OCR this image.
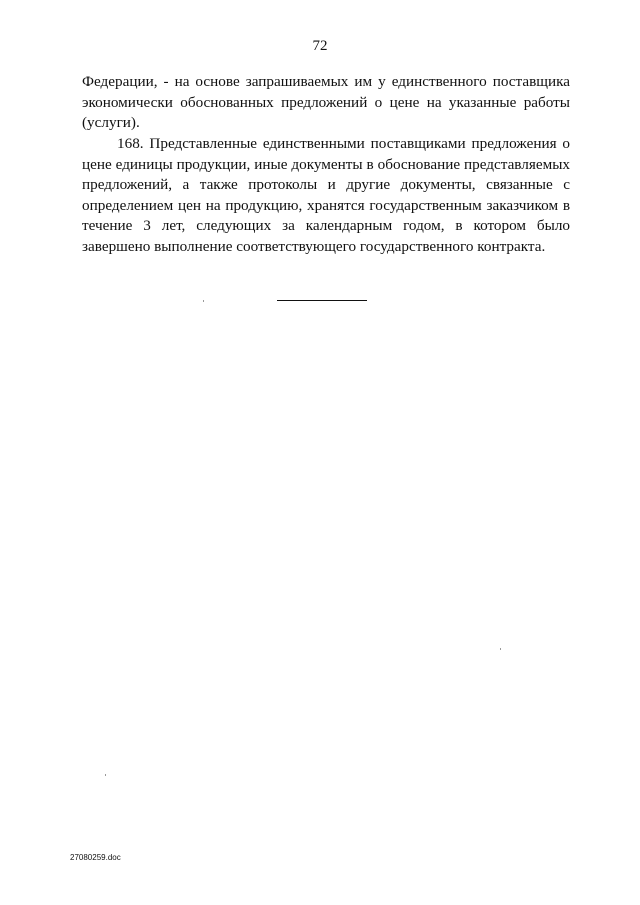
72
Федерации, - на основе запрашиваемых им у единственного поставщика
экономически обоснованных предложений о цене на указанные работы
(услуги).
168. Представленные единственными поставщиками предложения о
цене единицы продукции, иные документы в обоснование представляемых
предложений, а также протоколы и другие документы, связанные с
определением цен на продукцию, хранятся государственным заказчиком в
течение 3 лет, следующих за календарным годом, в котором было
завершено выполнение соответствующего государственного контракта.
27080259.doc
